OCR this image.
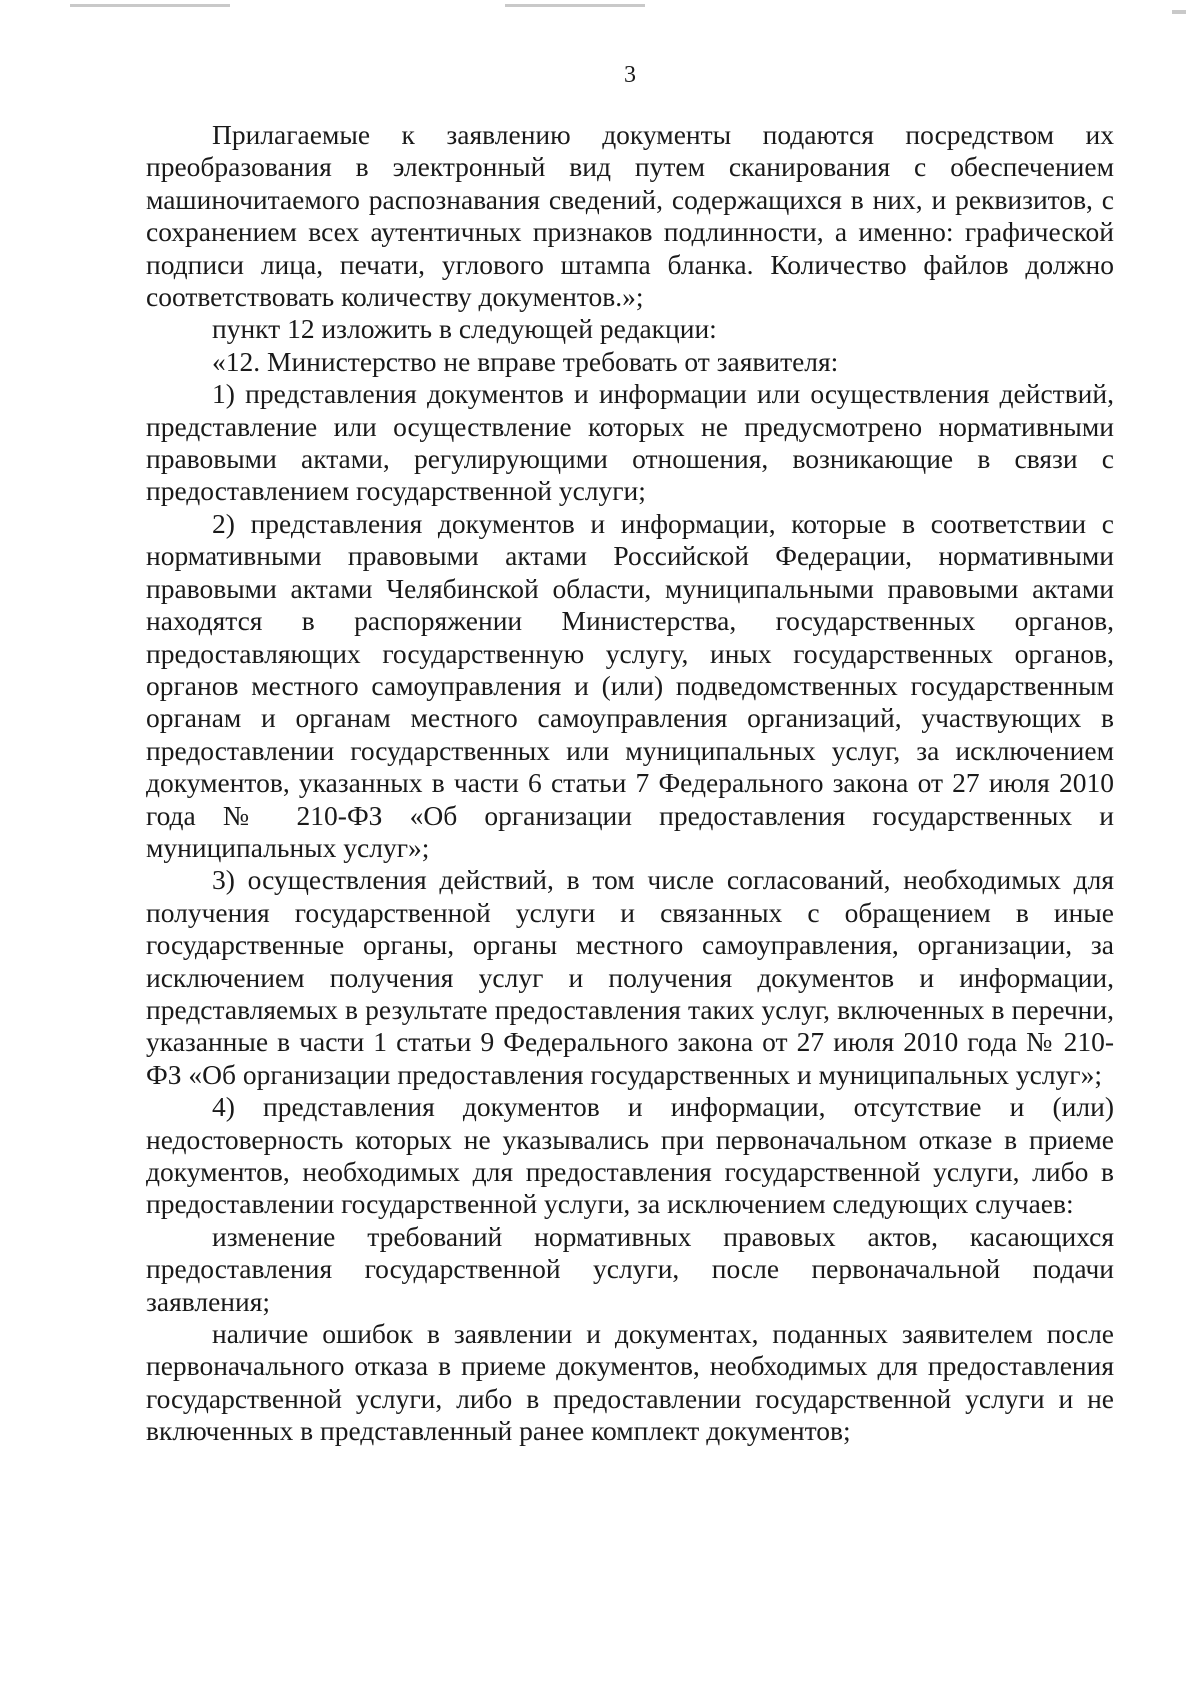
3

Прилагаемые к заявлению документы подаются посредством их преобразования в электронный вид путем сканирования с обеспечением машиночитаемого распознавания сведений, содержащихся в них, и реквизитов, с сохранением всех аутентичных признаков подлинности, а именно: графической подписи лица, печати, углового штампа бланка. Количество файлов должно соответствовать количеству документов.»;

пункт 12 изложить в следующей редакции:

«12. Министерство не вправе требовать от заявителя:

1) представления документов и информации или осуществления действий, представление или осуществление которых не предусмотрено нормативными правовыми актами, регулирующими отношения, возникающие в связи с предоставлением государственной услуги;

2) представления документов и информации, которые в соответствии с нормативными правовыми актами Российской Федерации, нормативными правовыми актами Челябинской области, муниципальными правовыми актами находятся в распоряжении Министерства, государственных органов, предоставляющих государственную услугу, иных государственных органов, органов местного самоуправления и (или) подведомственных государственным органам и органам местного самоуправления организаций, участвующих в предоставлении государственных или муниципальных услуг, за исключением документов, указанных в части 6 статьи 7 Федерального закона от 27 июля 2010 года № 210-ФЗ «Об организации предоставления государственных и муниципальных услуг»;

3) осуществления действий, в том числе согласований, необходимых для получения государственной услуги и связанных с обращением в иные государственные органы, органы местного самоуправления, организации, за исключением получения услуг и получения документов и информации, представляемых в результате предоставления таких услуг, включенных в перечни, указанные в части 1 статьи 9 Федерального закона от 27 июля 2010 года № 210-ФЗ «Об организации предоставления государственных и муниципальных услуг»;

4) представления документов и информации, отсутствие и (или) недостоверность которых не указывались при первоначальном отказе в приеме документов, необходимых для предоставления государственной услуги, либо в предоставлении государственной услуги, за исключением следующих случаев:

изменение требований нормативных правовых актов, касающихся предоставления государственной услуги, после первоначальной подачи заявления;

наличие ошибок в заявлении и документах, поданных заявителем после первоначального отказа в приеме документов, необходимых для предоставления государственной услуги, либо в предоставлении государственной услуги и не включенных в представленный ранее комплект документов;
